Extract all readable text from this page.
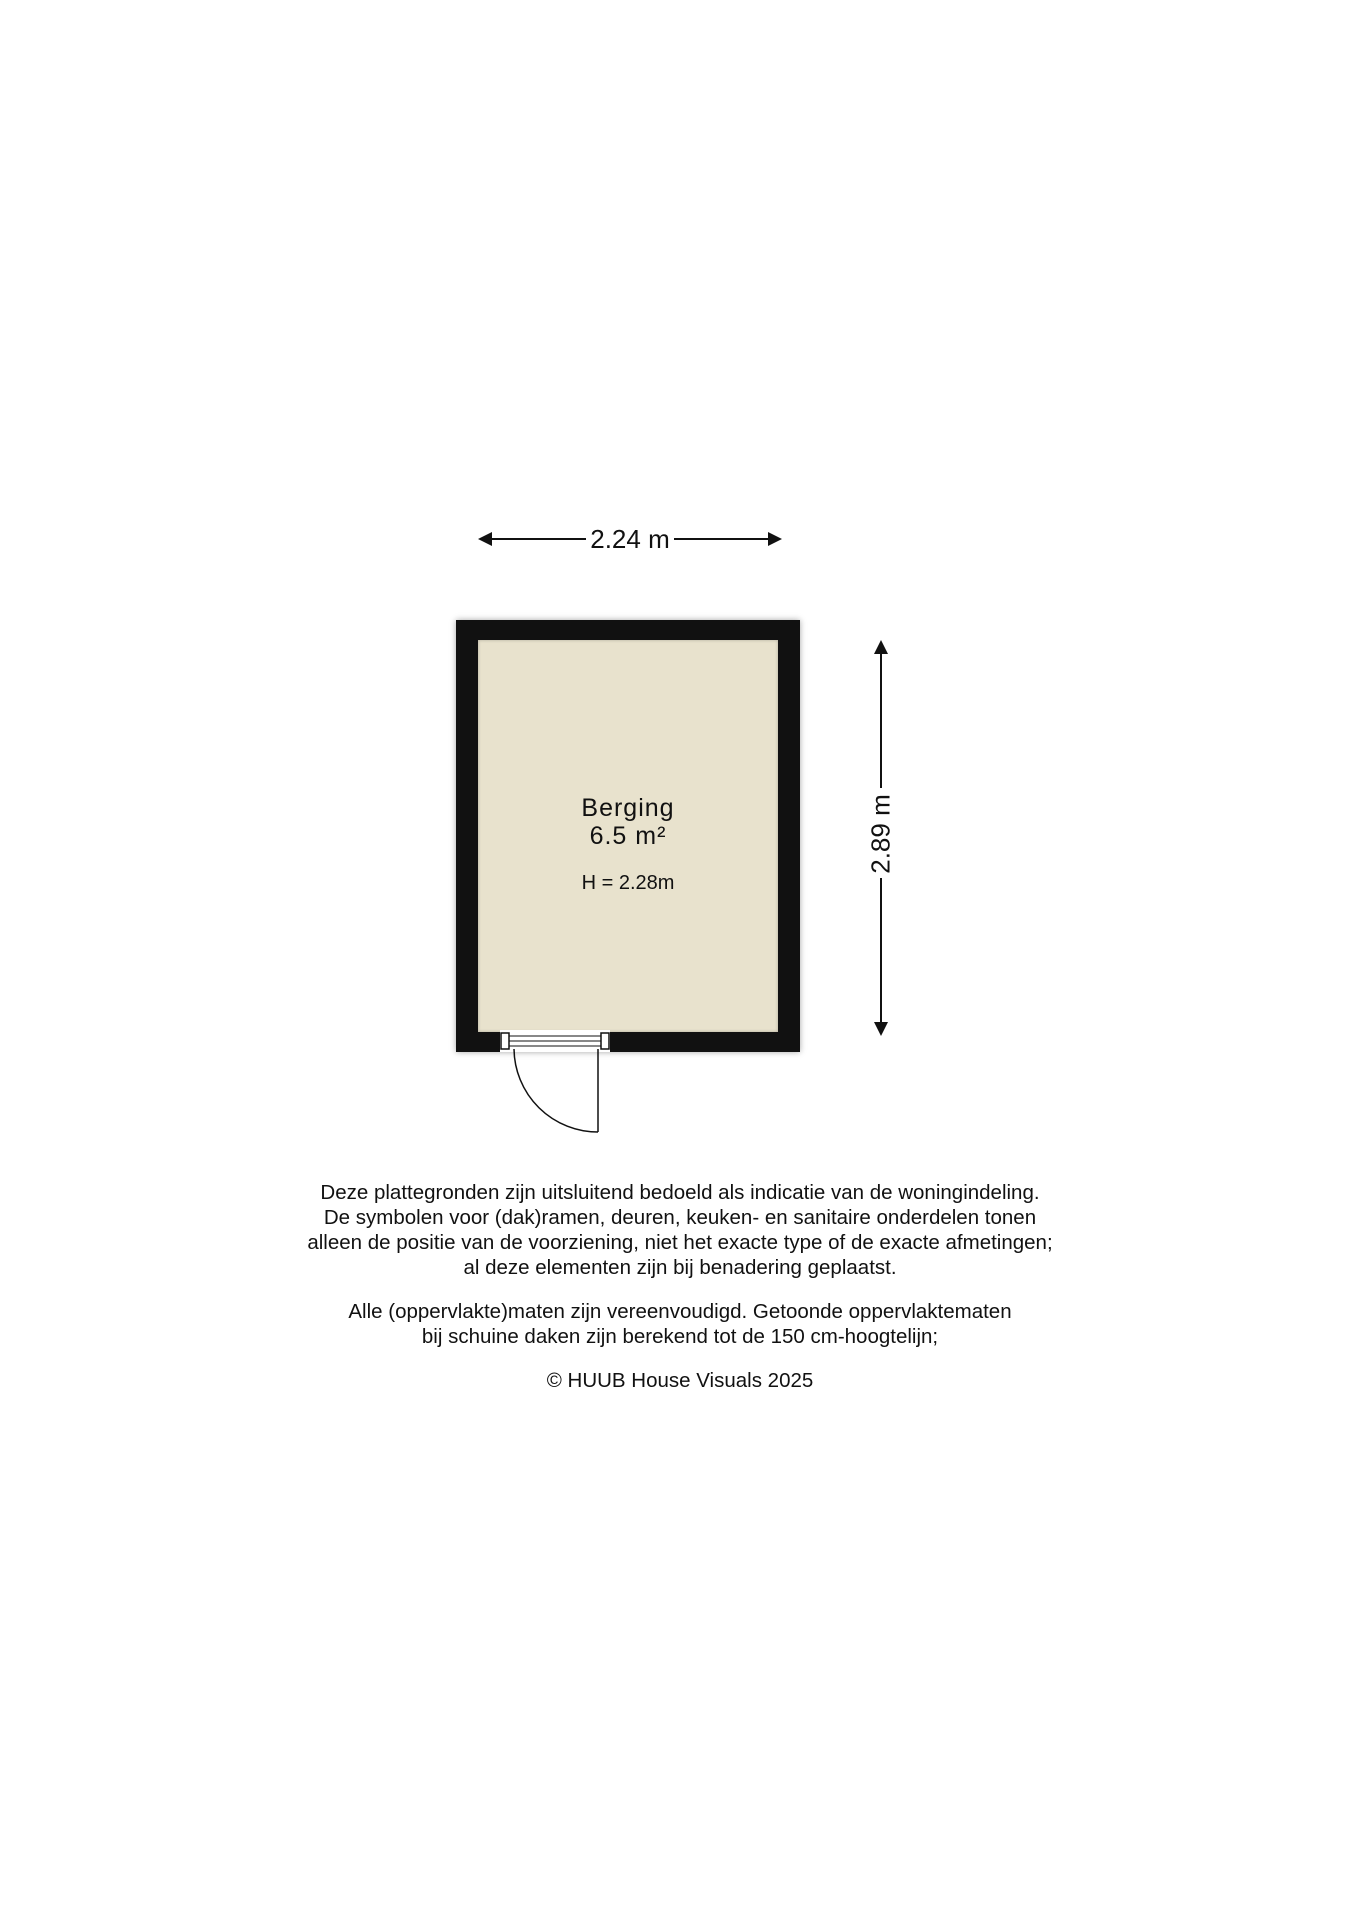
2.24 m
2.89 m
Berging
6.5 m²
H = 2.28m

Deze plattegronden zijn uitsluitend bedoeld als indicatie van de woningindeling.
De symbolen voor (dak)ramen, deuren, keuken- en sanitaire onderdelen tonen
alleen de positie van de voorziening, niet het exacte type of de exacte afmetingen;
al deze elementen zijn bij benadering geplaatst.

Alle (oppervlakte)maten zijn vereenvoudigd. Getoonde oppervlaktematen
bij schuine daken zijn berekend tot de 150 cm-hoogtelijn;

© HUUB House Visuals 2025
